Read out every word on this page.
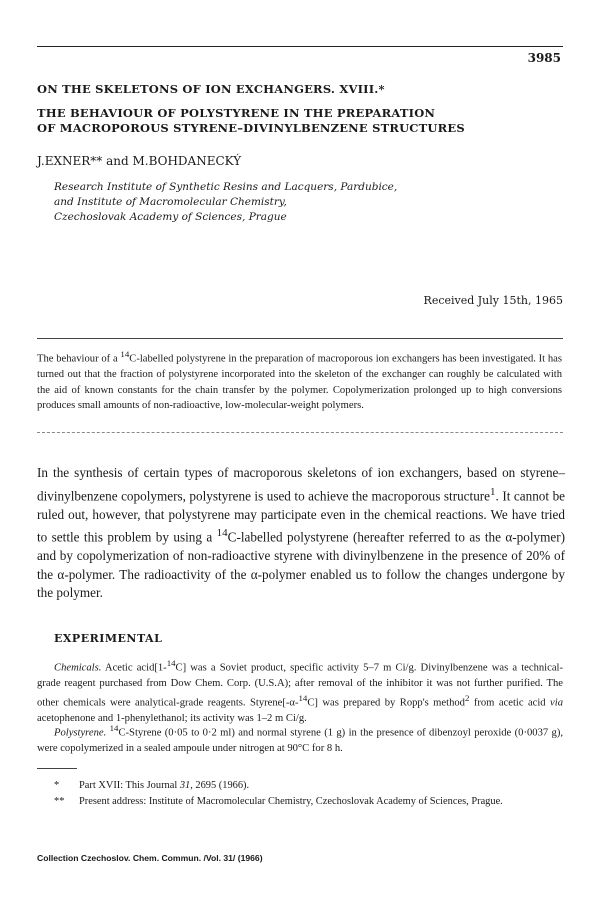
3985
ON THE SKELETONS OF ION EXCHANGERS. XVIII.*
THE BEHAVIOUR OF POLYSTYRENE IN THE PREPARATION
OF MACROPOROUS STYRENE–DIVINYLBENZENE STRUCTURES
J.EXNER** and M.BOHDANECKÝ
Research Institute of Synthetic Resins and Lacquers, Pardubice,
and Institute of Macromolecular Chemistry,
Czechoslovak Academy of Sciences, Prague
Received July 15th, 1965
The behaviour of a $^{14}$C-labelled polystyrene in the preparation of macroporous ion exchangers has been investigated. It has turned out that the fraction of polystyrene incorporated into the skeleton of the exchanger can roughly be calculated with the aid of known constants for the chain transfer by the polymer. Copolymerization prolonged up to high conversions produces small amounts of non-radioactive, low-molecular-weight polymers.
In the synthesis of certain types of macroporous skeletons of ion exchangers, based on styrene–divinylbenzene copolymers, polystyrene is used to achieve the macroporous structure$^1$. It cannot be ruled out, however, that polystyrene may participate even in the chemical reactions. We have tried to settle this problem by using a $^{14}$C-labelled polystyrene (hereafter referred to as the α-polymer) and by copolymerization of non-radioactive styrene with divinylbenzene in the presence of 20% of the α-polymer. The radioactivity of the α-polymer enabled us to follow the changes undergone by the polymer.
EXPERIMENTAL
Chemicals. Acetic acid[1-$^{14}$C] was a Soviet product, specific activity 5–7 m Ci/g. Divinylbenzene was a technical-grade reagent purchased from Dow Chem. Corp. (U.S.A); after removal of the inhibitor it was not further purified. The other chemicals were analytical-grade reagents. Styrene[-α-$^{14}$C] was prepared by Ropp's method$^2$ from acetic acid via acetophenone and 1-phenylethanol; its activity was 1–2 m Ci/g.
Polystyrene. $^{14}$C-Styrene (0·05 to 0·2 ml) and normal styrene (1 g) in the presence of dibenzoyl peroxide (0·0037 g), were copolymerized in a sealed ampoule under nitrogen at 90°C for 8 h.
* Part XVII: This Journal 31, 2695 (1966).
** Present address: Institute of Macromolecular Chemistry, Czechoslovak Academy of Sciences, Prague.
Collection Czechoslov. Chem. Commun. /Vol. 31/ (1966)
